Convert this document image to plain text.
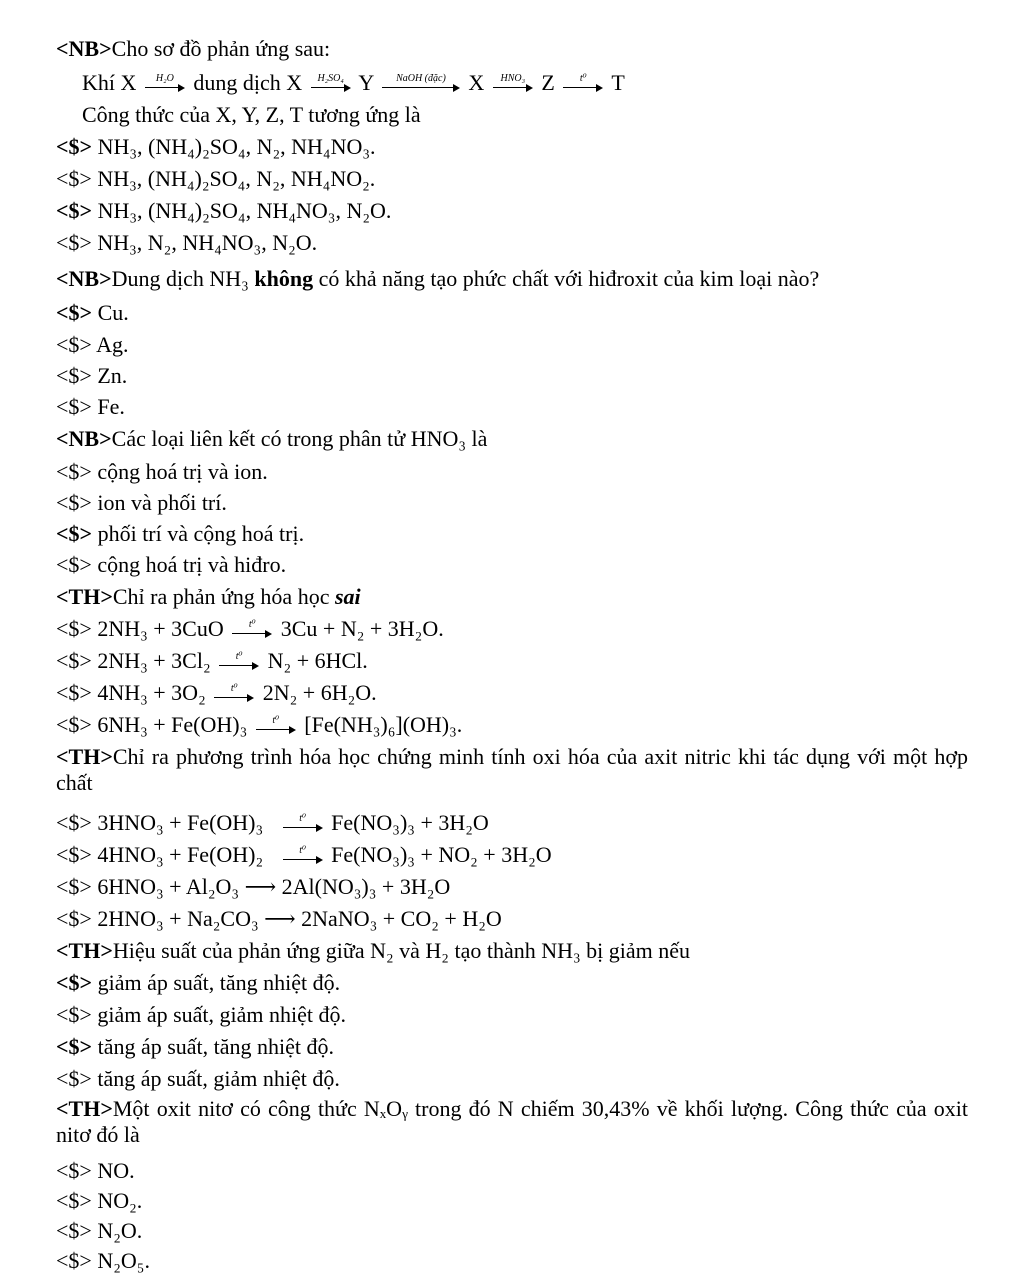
<NB>Cho sơ đồ phản ứng sau:
Khí X H₂O dung dịch X H₂SO₄ Y NaOH (đặc) X HNO₃ Z	t⁰ T
Công thức của X, Y, Z, T tương ứng là
<$> NH₃, (NH₄)₂SO₄, N₂, NH₄NO₃.
<$> NH₃, (NH₄)₂SO₄, N₂, NH₄NO₂.
<$> NH₃, (NH₄)₂SO₄, NH₄NO₃, N₂O.
<$> NH₃, N₂, NH₄NO₃, N₂O.
<NB>Dung dịch NH₃ không có khả năng tạo phức chất với hiđroxit của kim loại nào?
<$> Cu.
<$> Ag.
<$> Zn.
<$> Fe.
<NB>Các loại liên kết có trong phân tử HNO₃ là
<$> cộng hoá trị và ion.
<$> ion và phối trí.
<$> phối trí và cộng hoá trị.
<$> cộng hoá trị và hiđro.
<TH>Chỉ ra phản ứng hóa học sai
<$> 2NH₃ + 3CuO	t⁰ 3Cu + N₂ + 3H₂O.
<$> 2NH₃ + 3Cl₂	t⁰ N₂ + 6HCl.
<$> 4NH₃ + 3O₂	t⁰ 2N₂ + 6H₂O.
<$> 6NH₃ + Fe(OH)₃	t⁰ [Fe(NH₃)₆](OH)₃.
<TH>Chỉ ra phương trình hóa học chứng minh tính oxi hóa của axit nitric khi tác dụng với một hợp chất
<$> 3HNO₃ + Fe(OH)₃	t⁰ Fe(NO₃)₃ + 3H₂O
<$> 4HNO₃ + Fe(OH)₂	t⁰ Fe(NO₃)₃ + NO₂ + 3H₂O
<$> 6HNO₃ + Al₂O₃ ⟶ 2Al(NO₃)₃ + 3H₂O
<$> 2HNO₃ + Na₂CO₃ ⟶ 2NaNO₃ + CO₂ + H₂O
<TH>Hiệu suất của phản ứng giữa N₂ và H₂ tạo thành NH₃ bị giảm nếu
<$> giảm áp suất, tăng nhiệt độ.
<$> giảm áp suất, giảm nhiệt độ.
<$> tăng áp suất, tăng nhiệt độ.
<$> tăng áp suất, giảm nhiệt độ.
<TH>Một oxit nitơ có công thức NₓOᵧ trong đó N chiếm 30,43% về khối lượng. Công thức của oxit nitơ đó là
<$> NO.
<$> NO₂.
<$> N₂O.
<$> N₂O₅.
